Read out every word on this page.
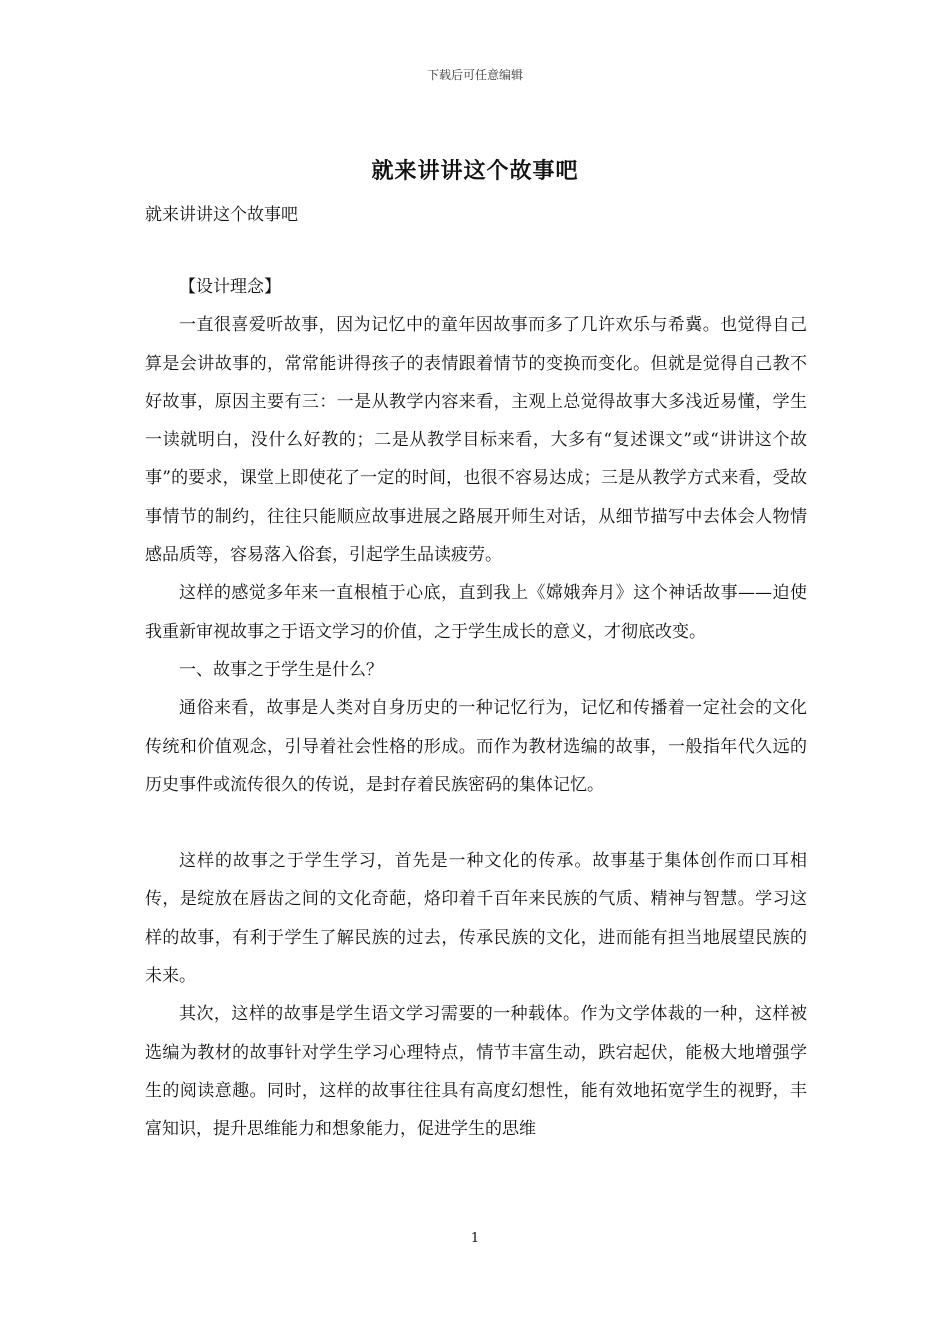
下载后可任意编辑
就来讲讲这个故事吧
就来讲讲这个故事吧

【设计理念】

一直很喜爱听故事，因为记忆中的童年因故事而多了几许欢乐与希冀。也觉得自己算是会讲故事的，常常能讲得孩子的表情跟着情节的变换而变化。但就是觉得自己教不好故事，原因主要有三：一是从教学内容来看，主观上总觉得故事大多浅近易懂，学生一读就明白，没什么好教的；二是从教学目标来看，大多有“复述课文”或“讲讲这个故事”的要求，课堂上即使花了一定的时间，也很不容易达成；三是从教学方式来看，受故事情节的制约，往往只能顺应故事进展之路展开师生对话，从细节描写中去体会人物情感品质等，容易落入俗套，引起学生品读疲劳。

这样的感觉多年来一直根植于心底，直到我上《嫦娥奔月》这个神话故事——迫使我重新审视故事之于语文学习的价值，之于学生成长的意义，才彻底改变。

一、故事之于学生是什么？

通俗来看，故事是人类对自身历史的一种记忆行为，记忆和传播着一定社会的文化传统和价值观念，引导着社会性格的形成。而作为教材选编的故事，一般指年代久远的历史事件或流传很久的传说，是封存着民族密码的集体记忆。

这样的故事之于学生学习，首先是一种文化的传承。故事基于集体创作而口耳相传，是绽放在唇齿之间的文化奇葩，烙印着千百年来民族的气质、精神与智慧。学习这样的故事，有利于学生了解民族的过去，传承民族的文化，进而能有担当地展望民族的未来。

其次，这样的故事是学生语文学习需要的一种载体。作为文学体裁的一种，这样被选编为教材的故事针对学生学习心理特点，情节丰富生动，跌宕起伏，能极大地增强学生的阅读意趣。同时，这样的故事往往具有高度幻想性，能有效地拓宽学生的视野，丰富知识，提升思维能力和想象能力，促进学生的思维

1
